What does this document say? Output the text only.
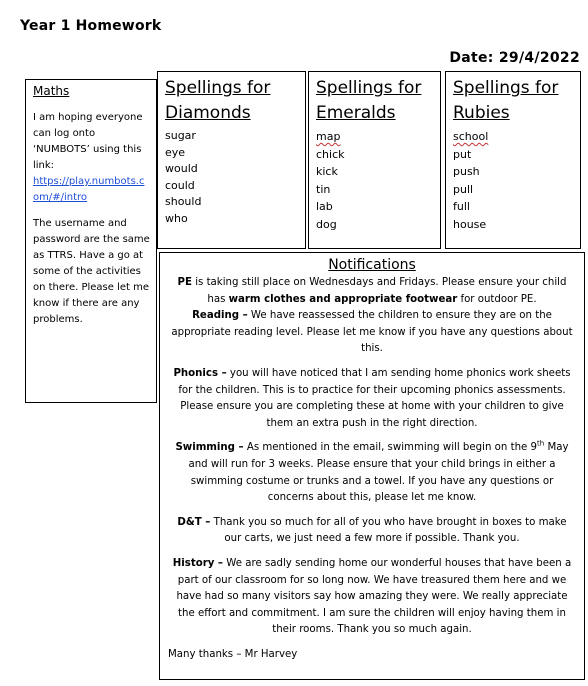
Year 1 Homework
Date: 29/4/2022
Maths
I am hoping everyone can log onto ‘NUMBOTS’ using this link:
https://play.numbots.com/#/intro
The username and password are the same as TTRS. Have a go at some of the activities on there. Please let me know if there are any problems.
Spellings for Diamonds
sugar
eye
would
could
should
who
Spellings for Emeralds
map
chick
kick
tin
lab
dog
Spellings for Rubies
school
put
push
pull
full
house
Notifications

PE is taking still place on Wednesdays and Fridays. Please ensure your child has warm clothes and appropriate footwear for outdoor PE.

Reading – We have reassessed the children to ensure they are on the appropriate reading level. Please let me know if you have any questions about this.

Phonics – you will have noticed that I am sending home phonics work sheets for the children. This is to practice for their upcoming phonics assessments. Please ensure you are completing these at home with your children to give them an extra push in the right direction.

Swimming – As mentioned in the email, swimming will begin on the 9th May and will run for 3 weeks. Please ensure that your child brings in either a swimming costume or trunks and a towel. If you have any questions or concerns about this, please let me know.

D&T – Thank you so much for all of you who have brought in boxes to make our carts, we just need a few more if possible. Thank you.

History – We are sadly sending home our wonderful houses that have been a part of our classroom for so long now. We have treasured them here and we have had so many visitors say how amazing they were. We really appreciate the effort and commitment. I am sure the children will enjoy having them in their rooms. Thank you so much again.

Many thanks – Mr Harvey
